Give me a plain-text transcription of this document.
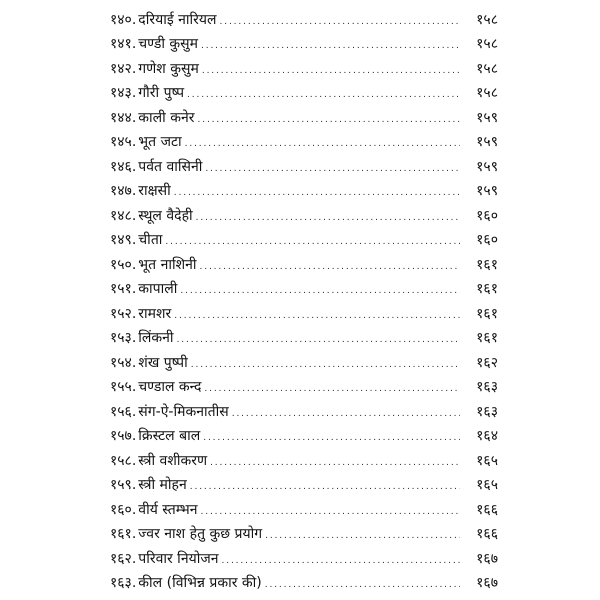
१४०. दरियाई नारियल . . .	१५८
१४१. चण्डी कुसुम . . .	१५८
१४२. गणेश कुसुम . . .	१५८
१४३. गौरी पुष्प . . .	१५८
१४४. काली कनेर . . .	१५९
१४५. भूत जटा . . .	१५९
१४६. पर्वत वासिनी . . .	१५९
१४७. राक्षसी . . .	१५९
१४८. स्थूल वैदेही . . .	१६०
१४९. चीता . . .	१६०
१५०. भूत नाशिनी . . .	१६१
१५१. कापाली . . .	१६१
१५२. रामशर . . .	१६१
१५३. लिंकनी . . .	१६१
१५४. शंख पुष्पी . . .	१६२
१५५. चण्डाल कन्द . . .	१६३
१५६. संग-ऐ-मिकनातीस . . .	१६३
१५७. क्रिस्टल बाल . . .	१६४
१५८. स्त्री वशीकरण . . .	१६५
१५९. स्त्री मोहन . . .	१६५
१६०. वीर्य स्तम्भन . . .	१६६
१६१. ज्वर नाश हेतु कुछ प्रयोग . . .	१६६
१६२. परिवार नियोजन . . .	१६७
१६३. कील (विभिन्न प्रकार की) . . .	१६७
